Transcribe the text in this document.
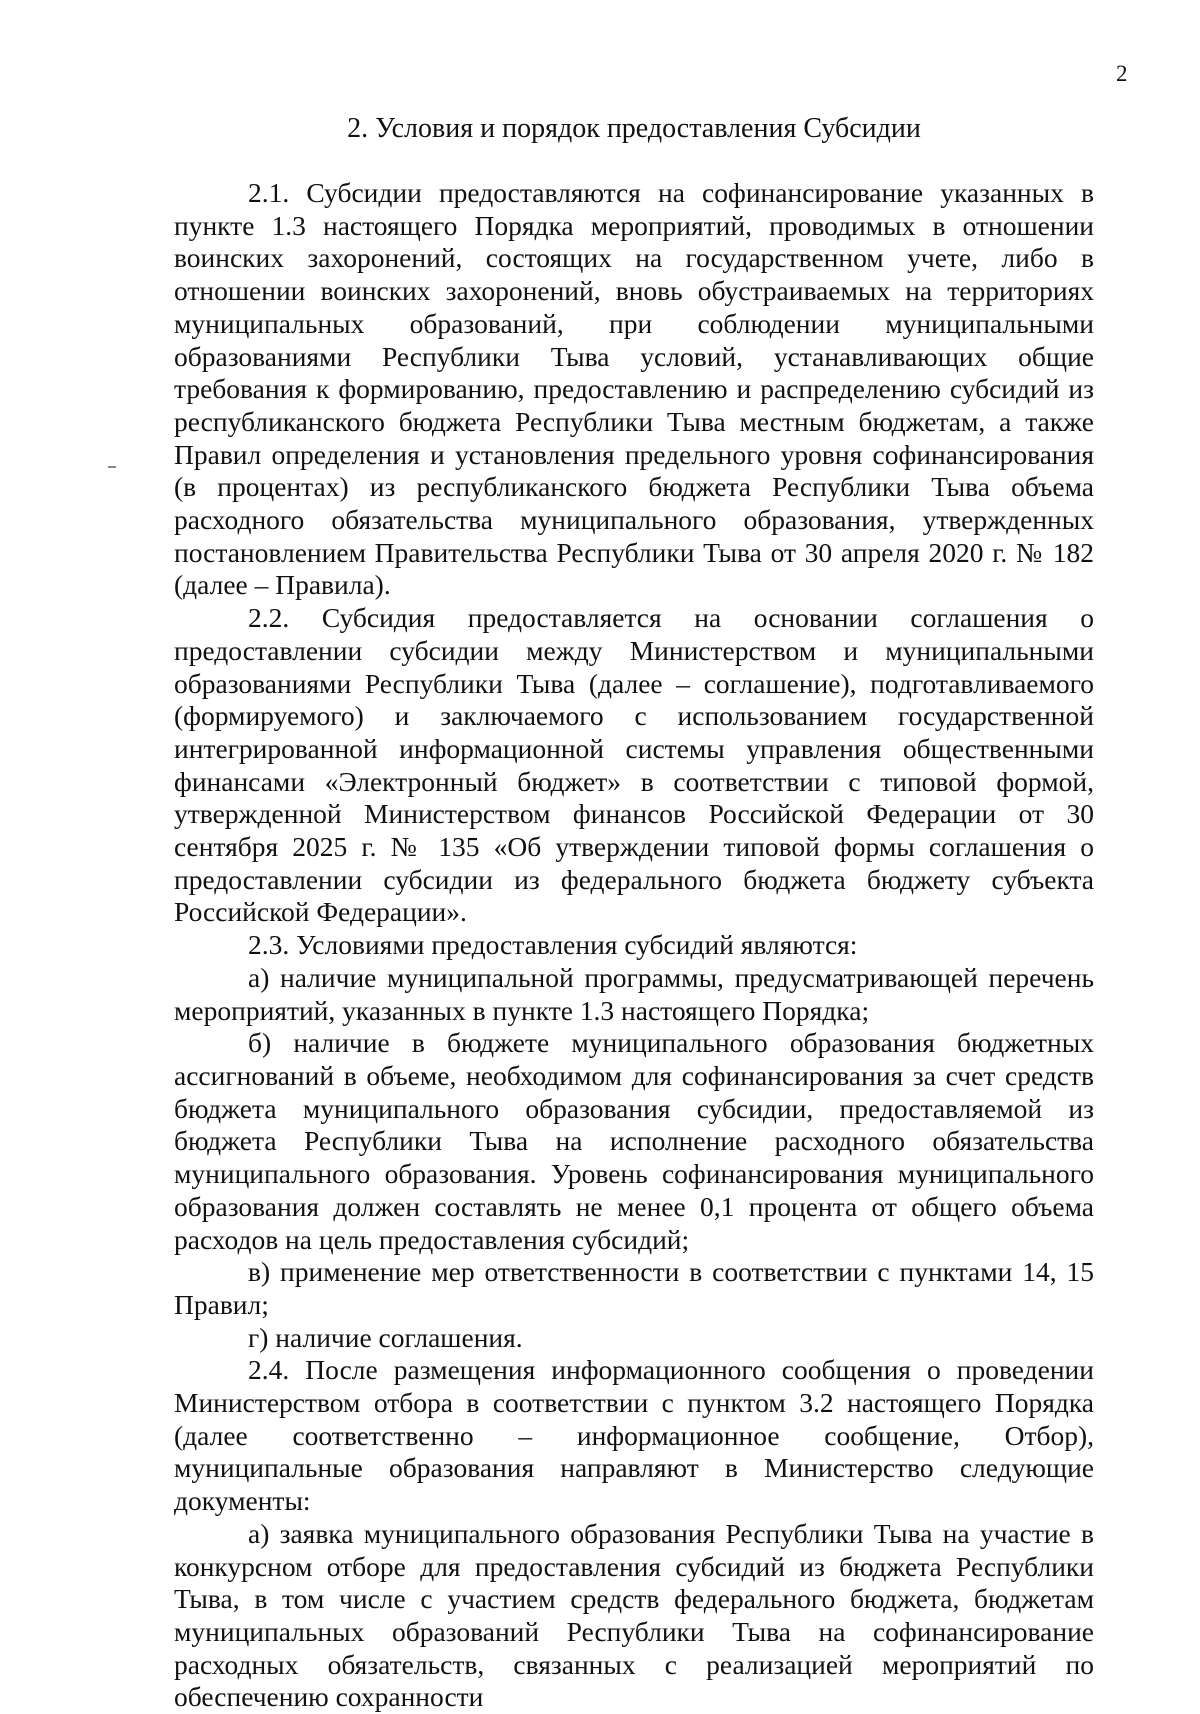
2
2. Условия и порядок предоставления Субсидии

2.1. Субсидии предоставляются на софинансирование указанных в пункте 1.3 настоящего Порядка мероприятий, проводимых в отношении воинских захоронений, состоящих на государственном учете, либо в отношении воинских захоронений, вновь обустраиваемых на территориях муниципальных образований, при соблюдении муниципальными образованиями Республики Тыва условий, устанавливающих общие требования к формированию, предоставлению и распределению субсидий из республиканского бюджета Республики Тыва местным бюджетам, а также Правил определения и установления предельного уровня софинансирования (в процентах) из республиканского бюджета Республики Тыва объема расходного обязательства муниципального образования, утвержденных постановлением Правительства Республики Тыва от 30 апреля 2020 г. № 182 (далее – Правила).

2.2. Субсидия предоставляется на основании соглашения о предоставлении субсидии между Министерством и муниципальными образованиями Республики Тыва (далее – соглашение), подготавливаемого (формируемого) и заключаемого с использованием государственной интегрированной информационной системы управления общественными финансами «Электронный бюджет» в соответствии с типовой формой, утвержденной Министерством финансов Российской Федерации от 30 сентября 2025 г. № 135 «Об утверждении типовой формы соглашения о предоставлении субсидии из федерального бюджета бюджету субъекта Российской Федерации».

2.3. Условиями предоставления субсидий являются:

а) наличие муниципальной программы, предусматривающей перечень мероприятий, указанных в пункте 1.3 настоящего Порядка;

б) наличие в бюджете муниципального образования бюджетных ассигнований в объеме, необходимом для софинансирования за счет средств бюджета муниципального образования субсидии, предоставляемой из бюджета Республики Тыва на исполнение расходного обязательства муниципального образования. Уровень софинансирования муниципального образования должен составлять не менее 0,1 процента от общего объема расходов на цель предоставления субсидий;

в) применение мер ответственности в соответствии с пунктами 14, 15 Правил;

г) наличие соглашения.

2.4. После размещения информационного сообщения о проведении Министерством отбора в соответствии с пунктом 3.2 настоящего Порядка (далее соответственно – информационное сообщение, Отбор), муниципальные образования направляют в Министерство следующие документы:

а) заявка муниципального образования Республики Тыва на участие в конкурсном отборе для предоставления субсидий из бюджета Республики Тыва, в том числе с участием средств федерального бюджета, бюджетам муниципальных образований Республики Тыва на софинансирование расходных обязательств, связанных с реализацией мероприятий по обеспечению сохранности
